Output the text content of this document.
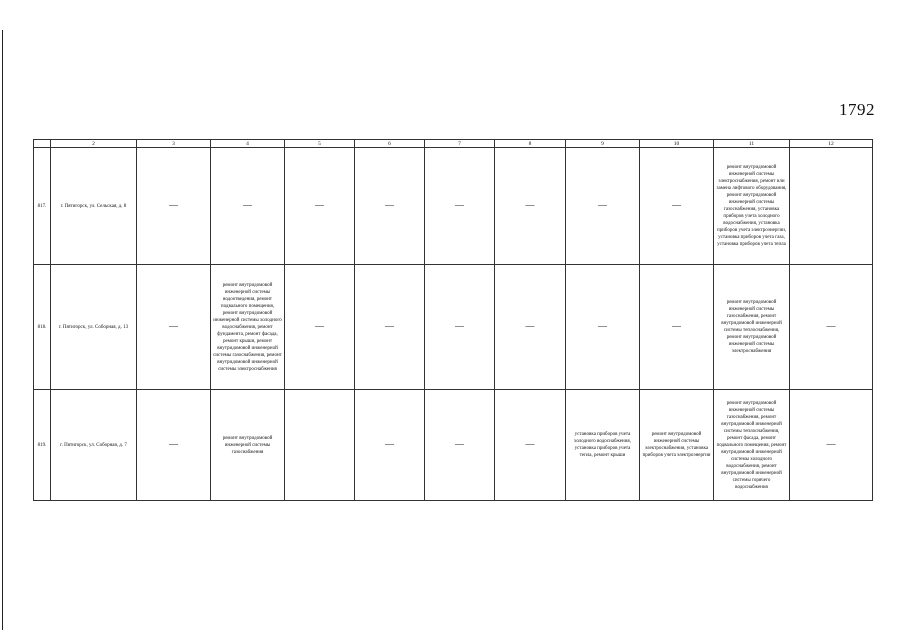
1792
	2	3	4	5	6	7	8	9	10	11	12
817.	г. Пятигорск, ул. Сельская, д. 8	—	—	—	—	—	—	—	—	ремонт внутридомовой инженерной системы электроснабжения, ремонт или замена лифтового оборудования, ремонт внутридомовой инженерной системы газоснабжения, установка приборов учета холодного водоснабжения, установка приборов учета электроэнергии, установка приборов учета газа, установка приборов учета тепла	
818.	г. Пятигорск, ул. Соборная, д. 13	—	ремонт внутридомовой инженерной системы водоотведения, ремонт подвального помещения, ремонт внутридомовой инженерной системы холодного водоснабжения, ремонт фундамента, ремонт фасада, ремонт крыши, ремонт внутридомовой инженерной системы газоснабжения, ремонт внутридомовой инженерной системы электроснабжения	—	—	—	—	—	—	ремонт внутридомовой инженерной системы газоснабжения, ремонт внутридомовой инженерной системы теплоснабжения, ремонт внутридомовой инженерной системы электроснабжения	—
819.	г. Пятигорск, ул. Соборная, д. 7	—	ремонт внутридомовой инженерной системы газоснабжения		—	—	—	установка приборов учета холодного водоснабжения, установка приборов учета тепла, ремонт крыши	ремонт внутридомовой инженерной системы электроснабжения, установка приборов учета электроэнергии	ремонт внутридомовой инженерной системы газоснабжения, ремонт внутридомовой инженерной системы теплоснабжения, ремонт фасада, ремонт подвального помещения, ремонт внутридомовой инженерной системы холодного водоснабжения, ремонт внутридомовой инженерной системы горячего водоснабжения	—
